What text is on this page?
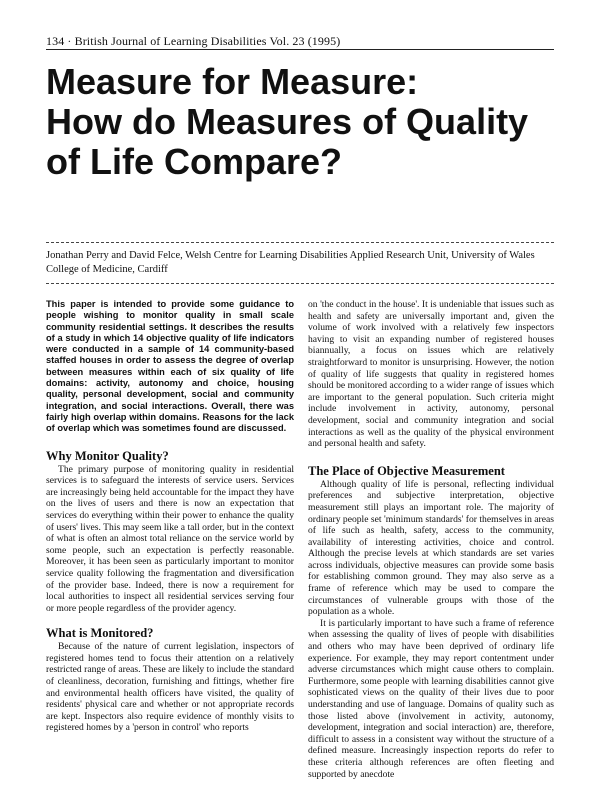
134 · British Journal of Learning Disabilities Vol. 23 (1995)
Measure for Measure:
How do Measures of Quality
of Life Compare?
Jonathan Perry and David Felce, Welsh Centre for Learning Disabilities Applied Research Unit, University of Wales College of Medicine, Cardiff

This paper is intended to provide some guidance to people wishing to monitor quality in small scale community residential settings. It describes the results of a study in which 14 objective quality of life indicators were conducted in a sample of 14 community-based staffed houses in order to assess the degree of overlap between measures within each of six quality of life domains: activity, autonomy and choice, housing quality, personal development, social and community integration, and social interactions. Overall, there was fairly high overlap within domains. Reasons for the lack of overlap which was sometimes found are discussed.

Why Monitor Quality?

The primary purpose of monitoring quality in residential services is to safeguard the interests of service users. Services are increasingly being held accountable for the impact they have on the lives of users and there is now an expectation that services do everything within their power to enhance the quality of users' lives. This may seem like a tall order, but in the context of what is often an almost total reliance on the service world by some people, such an expectation is perfectly reasonable. Moreover, it has been seen as particularly important to monitor service quality following the fragmentation and diversification of the provider base. Indeed, there is now a requirement for local authorities to inspect all residential services serving four or more people regardless of the provider agency.

What is Monitored?

Because of the nature of current legislation, inspectors of registered homes tend to focus their attention on a relatively restricted range of areas. These are likely to include the standard of cleanliness, decoration, furnishing and fittings, whether fire and environmental health officers have visited, the quality of residents' physical care and whether or not appropriate records are kept. Inspectors also require evidence of monthly visits to registered homes by a 'person in control' who reports

on 'the conduct in the house'. It is undeniable that issues such as health and safety are universally important and, given the volume of work involved with a relatively few inspectors having to visit an expanding number of registered houses biannually, a focus on issues which are relatively straightforward to monitor is unsurprising. However, the notion of quality of life suggests that quality in registered homes should be monitored according to a wider range of issues which are important to the general population. Such criteria might include involvement in activity, autonomy, personal development, social and community integration and social interactions as well as the quality of the physical environment and personal health and safety.

The Place of Objective Measurement

Although quality of life is personal, reflecting individual preferences and subjective interpretation, objective measurement still plays an important role. The majority of ordinary people set 'minimum standards' for themselves in areas of life such as health, safety, access to the community, availability of interesting activities, choice and control. Although the precise levels at which standards are set varies across individuals, objective measures can provide some basis for establishing common ground. They may also serve as a frame of reference which may be used to compare the circumstances of vulnerable groups with those of the population as a whole.

It is particularly important to have such a frame of reference when assessing the quality of lives of people with disabilities and others who may have been deprived of ordinary life experience. For example, they may report contentment under adverse circumstances which might cause others to complain. Furthermore, some people with learning disabilities cannot give sophisticated views on the quality of their lives due to poor understanding and use of language. Domains of quality such as those listed above (involvement in activity, autonomy, development, integration and social interaction) are, therefore, difficult to assess in a consistent way without the structure of a defined measure. Increasingly inspection reports do refer to these criteria although references are often fleeting and supported by anecdote
